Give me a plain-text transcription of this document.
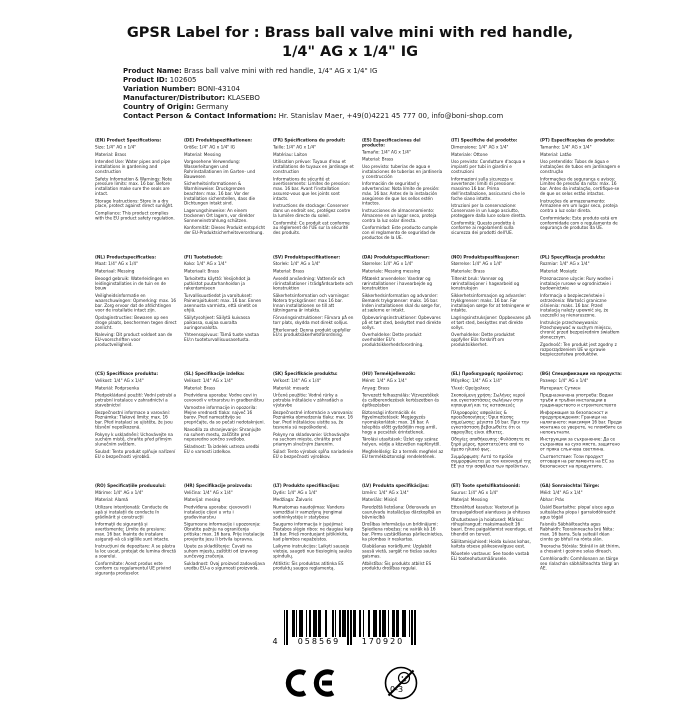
GPSR Label for : Brass ball valve mini with red handle, 1/4" AG x 1/4" IG
Product Name: Brass ball valve mini with red handle, 1/4" AG x 1/4" IG
Product ID: 102605
Variation Number: BONI-43104
Manufacturer/Distributor: KLASEBO
Country of Origin: Germany
Contact Person & Contact Information: Hr. Stanislav Maer, +49(0)4221 45 777 00, info@boni-shop.com
(EN) Product Specifications:

Size: 1/4" AG x 1/4"

Material: Brass

Intended Use: Water pipes and pipe installations in gardening and construction

Safety Information & Warnings: Note pressure limits: max. 16 bar. Before installation make sure the seals are intact.

Storage Instructions: Store in a dry place, protect against direct sunlight.

Compliance: This product complies with the EU product safety regulation.

(DE) Produktspezifikationen:

Größe: 1/4" AG x 1/4" IG

Material: Messing

Vorgesehene Verwendung: Wasserleitungen und Rohrinstallationen im Garten- und Bauwesen

Sicherheitsinformationen & Warnhinweise: Druckgrenzen beachten: max. 16 bar. Vor der Installation sicherstellen, dass die Dichtungen intakt sind.

Lagerungshinweise: An einem trockenen Ort lagern, vor direkter Sonneneinstrahlung schützen.

Konformität: Dieses Produkt entspricht der EU-Produktsicherheitsverordnung.

(FR) Spécifications du produit:

Taille: 1/4" AG x 1/4"

Matériau: Laiton

Utilisation prévue: Tuyaux d'eau et installations de tuyaux en jardinage et construction

Informations de sécurité et avertissements: Limites de pression: max. 16 bar. Avant l'installation assurez-vous que les joints sont intacts.

Instructions de stockage: Conserver dans un endroit sec, protégez contre la lumière directe du soleil.

Conformité: Ce produit est conforme au règlement de l'UE sur la sécurité des produits.

(ES) Especificaciones del producto:

Tamaño: 1/4" AG x 1/4"

Material: Brass

Uso previsto: tuberías de agua e instalaciones de tuberías en jardinería y construcción

Información de seguridad y advertencias: Nota límite de presión: máx. 16 bar. Antes de la instalación asegúrese de que los sellos estén intactos.

Instrucciones de almacenamiento: Almacene en un lugar seco, proteja contra la luz solar directa.

Conformidad: Este producto cumple con el reglamento de seguridad de productos de la UE.

(IT) Specifiche del prodotto:

Dimensione: 1/4" AG x 1/4"

Materiale: Ottone

Uso previsto: Condutture d'acqua e impianti per tubi in giardini e costruzioni

Informazioni sulla sicurezza e avvertenze: limiti di pressione: massimo 16 bar. Prima dell'installazione, assicurarsi che le foche siano intatte.

Istruzioni per la conservazione: Conservare in un luogo asciutto, proteggere dalla luce solare diretta.

Conformità: Questo prodotto è conforme ai regolamenti sulla sicurezza dei prodotti dell'UE.

(PT) Especificações do produto:

Tamanho: 1/4" AG x 1/4"

Material: Latão

Uso pretendido: Tubos de água e instalações de tubos em jardinagem e construção

Informações de segurança e avisos: Limites de pressão da nota: máx. 16 bar. Antes da instalação, certifique-se de que os selos estão intactos.

Instruções de armazenamento: Armazene em um lugar seco, proteja contra a luz solar direta.

Conformidade: Este produto está em conformidade com o regulamento de segurança de produtos da UE.

(NL) Productspecificaties:

Maat: 1/4" AG x 1/4"

Materiaal: Messing

Beoogd gebruik: Waterleidingen en leidinginstallaties in de tuin en de bouw

Veiligheidsinformatie en waarschuwingen: Opmerking: max. 16 bar. Zorg ervoor dat de afdichtingen voor de installatie intact zijn.

Opslaginstructies: Bewaren op een droge plaats, beschermen tegen direct zonlicht.

Naleving: Dit product voldoet aan de EU-voorschriften voor productveiligheid.

(FI) Tuotetiedot:

Koko: 1/4" AG x 1/4"

Materiaali: Brass

Tarkoitettu käyttö: Vesijohdot ja putkistot puutarhanhoidon ja rakentamiseen

Turvallisuustiedot ja varoitukset: Painerajoitukset: max. 16 bar. Ennen asennusta varmista, että sinetit on ehjiä.

Säilytysohjeet: Säilytä kuivassa paikassa, suojaa suoralta auringonvalolta.

Yhteensopivuus: Tämä tuote vastaa EU:n tuoteturvallisuusasetusta.

(SV) Produktspecifikationer:

Storlek: 1/4" AG x 1/4"

Material: Brass

Avsedd användning: Vattenrör och rörinstallationer i trädgårdsarbete och konstruktion

Säkerhetsinformation och varningar: Notera tryckgränser: max 16 bar. Innan installationen se till att tätningarna är intakta.

Förvaringsinstruktioner: Förvara på en torr plats, skydda mot direkt solljus.

Efterlevnad: Denna produkt uppfyller EU:s produktsäkerhetsförordning.

(DA) Produktspecifikationer:

Størrelse: 1/4" AG x 1/4"

Materiale: Messing messing

Påtænkt anvendelse: Vandrør og rørinstallationer i havearbejde og konstruktion

Sikkerhedsinformation og advarsler: Bemærk trykgrænser: maks. 16 bar. Inden installationen skal du sørge for, at sælerne er intakt.

Opbevaringsinstruktioner: Opbevares på et tørt sted, beskyttet mod direkte sollys.

Overholdelse: Dette produkt overholder EU's produktsikkerhedsforordning.

(NO) Produktspesifikasjoner:

Størrelse: 1/4" AG x 1/4"

Materiale: Brass

Tiltenkt bruk: Vannrør og rørinstallasjoner i hagearbeid og konstruksjon

Sikkerhetsinformasjon og advarsler: trykkgrenser: maks. 16 bar. Før installasjon sørge for at tetningene er intakte.

Lagringsinstruksjoner: Oppbevares på et tørt sted, beskyttes mot direkte sollys.

Overholdelse: Dette produktet oppfyller EUs forskrift om produktsikkerhet.

(PL) Specyfikacja produktu:

Rozmiar: 1/4" AG x 1/4"

Materiał: Mosiądz

Przeznaczone użycie: Rury wodne i instalacje rurowe w ogrodnictwie i budownictwie

Informacja o bezpieczeństwie i ostrzeżenia: Wartości graniczne ciśnienia: maks. 16 bar. Przed instalacją należy upewnić się, że uszczelki są nienaruszone.

Instrukcje przechowywania: Przechowywać w suchym miejscu, chronić przed bezpośrednim światłem słonecznym.

Zgodność: Ten produkt jest zgodny z rozporządzeniem UE w sprawie bezpieczeństwa produktów.

(CS) Specifikace produktu:

Velikost: 1/4" AG x 1/4"

Materiál: Podprsenka

Předpokládané použití: Vodní potrubí a potrubní instalace v zahradnictví a stavebnictví

Bezpečnostní informace a varování: Poznámka: Tlakové limity: max. 16 bar. Před instalací se ujistěte, že jsou těsnění nepoškozená.

Pokyny k uskladnění: Uchovávejte na suchém místě, chraňte před přímým slunečním světlem.

Soulad: Tento produkt splňuje nařízení EU o bezpečnosti výrobků.

(SL) Specifikacije izdelka:

Velikost: 1/4" AG x 1/4"

Material: Brass

Predvidena uporaba: Vodne cevi in cevovodi v vrtnarstvu in gradbeništvu

Varnostne informacije in opozorila: Mejne vrednosti tlaka: največ 16 barov. Pred namestitvijo se prepričajte, da so pečati nedotaknjeni.

Navodila za shranjevanje: Shranjujte na suhem mestu, zaščitite pred neposredno sončno svetlobo.

Skladnost: Ta izdelek ustreza uredbi EU o varnosti izdelkov.

(SK) Špecifikácie produktu:

Veľkosť: 1/4" AG x 1/4"

Materiál: mosadz

Určené použitie: Vodné rúrky a potrubia inštalácie v záhradách a výstavbe

Bezpečnostné informácie a varovania: Poznámka obmedzenia tlaku: max. 16 bar. Pred inštaláciou uistite sa, že tesnenia sú nepoškodené.

Pokyny na skladovanie: Uchovávajte na suchom mieste, chráňte pred priamym slnečným žiarením.

Súlad: Tento výrobok spĺňa nariadenie EÚ o bezpečnosti výrobkov.

(HU) Termékjellemzők:

Méret: 1/4" AG x 1/4"

Anyag: Brass

Tervezett felhasználás: Vízvezetékek és csőberendezések kertészetben és építkezésben

Biztonsági információk és figyelmeztetések: Megjegyzés nyomáskorlátok: max. 16 bar. A telepítés előtt győződjön meg arról, hogy a pecsétek érintetlenek.

Tárolási utasítások: Üzlet egy száraz helyen, védje a közvetlen napfénytől.

Megfelelőség: Ez a termék megfelel az EU termékbiztonsági rendeletének.

(EL) Προδιαγραφές προϊόντος:

Μέγεθος: 1/4" AG x 1/4"

Υλικό: Ορείχαλκος

Σκοπούμενη χρήση: Σωλήνες νερού και εγκαταστάσεις σωλήνων στην κηπουρική και τις κατασκευές

Πληροφορίες ασφαλείας & προειδοποιήσεις: Όρια πίεσης σημείωσης: μέγιστο 16 bar. Πριν την εγκατάσταση βεβαιωθείτε ότι οι σφραγίδες είναι άθικτες.

Οδηγίες αποθήκευσης: Φυλάσσετε σε ξηρό μέρος, προστατεύστε από το άμεσο ηλιακό φως.

Συμμόρφωση: Αυτό το προϊόν συμμορφώνεται με τον κανονισμό της ΕΕ για την ασφάλεια των προϊόντων.

(BG) Спецификации на продукта:

Размер: 1/4" AG x 1/4"

Материал: Сутиен

Предназначена употреба: Водни тръби и тръбни инсталации в градинарството и строителството

Информация за безопасност и предупреждения: Граници на налягането: максимум 16 bar. Преди монтажа се уверете, че пломбите са непокътнати.

Инструкции за съхранение: Да се съхранява на сухо място, защитено от пряка слънчева светлина.

Съответствие: Този продукт отговаря на регламента на ЕС за безопасност на продуктите.

(RO) Specificațiile produsului:

Mărime: 1/4" AG x 1/4"

Material: Alamă

Utilizare intenționată: Conducte de apă și instalații de conducte în grădinărit și construcții

Informații de siguranță și avertismente: Limite de presiune: max. 16 bar. Înainte de instalare asigurați-vă că sigiliile sunt intacte.

Instrucțiuni de depozitare: A se păstra la loc uscat, protejat de lumina directă a soarelui.

Conformitate: Acest produs este conform cu regulamentul UE privind siguranța produselor.

(HR) Specifikacije proizvoda:

Veličina: 1/4" AG x 1/4"

Materijal: mesing

Predviđena uporaba: cjevovodi i instalacije cijevi u vrtu i građevinarstvu

Sigurnosne informacije i upozorenja: Obratite pažnju na ograničenja pritiska: max. 16 bara. Prije instalacije provjerite jesu li brtvila ispravna.

Upute za skladištenje: Čuvati na suhom mjestu, zaštititi od izravnog sunčevog zračenja.

Sukladnost: Ovaj proizvod zadovoljava uredbu EU-a o sigurnosti proizvoda.

(LT) Produkto specifikacijos:

Dydis: 1/4" AG x 1/4"

Medžiaga: Žalvaris

Numatomas naudojimas: Vandens vamzdžiai ir vamzdynų įrengimai sodininkystėje ir statybose

Saugumo informacija ir įspėjimai: Pastabos slėgio ribos: ne daugiau kaip 16 bar. Prieš montuojant įsitikinkite, kad plombos nepažeistos.

Laikymo instrukcijos: Laikyti sausoje vietoje, saugoti nuo tiesioginių saulės spindulių.

Atitiktis: Šis produktas atitinka ES produktų saugos reglamentą.

(LV) Produkta specifikācijas:

Izmērs: 1/4" AG x 1/4"

Materiāls: Misiņš

Paredzētā lietošana: Ūdensvadu un cauruļvadu instalācijas dārzkopībā un būvniecībā

Drošības informācija un brīdinājumi: Spiediena robežas: ne vairāk kā 16 bar. Pirms uzstādīšanas pārliecinieties, ka plombas ir neskartas.

Glabāšanas norādījumi: Uzglabāt sausā vietā, sargāt no tiešas saules gaismas.

Atbilstība: Šis produkts atbilst ES produktu drošības regulai.

(ET) Toote spetsifikatsioonid:

Suurus: 1/4" AG x 1/4"

Materjal: Messing

Ettenähtud kasutus: Veetorud ja torupaigaldised aianduses ja ehituses

Ohutusteave ja hoiatused: Märkus: rõhupiirangud: maksimaalselt 16 baari. Enne paigaldamist veenduge, et tihendid on terved.

Säilitamisjuhised: Hoida kuivas kohas, kaitsta otsese päikesevalguse eest.

Nõuetele vastavus: See toode vastab ELi tooteohutusmäärusele.

(GA) Sonraíochtaí Táirge:

Méid: 1/4" AG x 1/4"

Ábhar: Prás

Úsáid Beartaithe: píopaí uisce agus suiteálacha píopa i garraíodóireacht agus tógáil

Faisnéis Sábháilteachta agus Rabhaidh: Teorainneacha brú Nóta: max. 16 barra. Sula suiteáil déan cinnte go bhfuil na rónta slán.

Treoracha Stórála: Stóráil in áit thirim, a chosaint i gcoinne solas díreach.

Comhlíonadh: Comhlíonann an táirge seo rialachán sábháilteachta táirgí an AE.

4	058569	170920
0-3
